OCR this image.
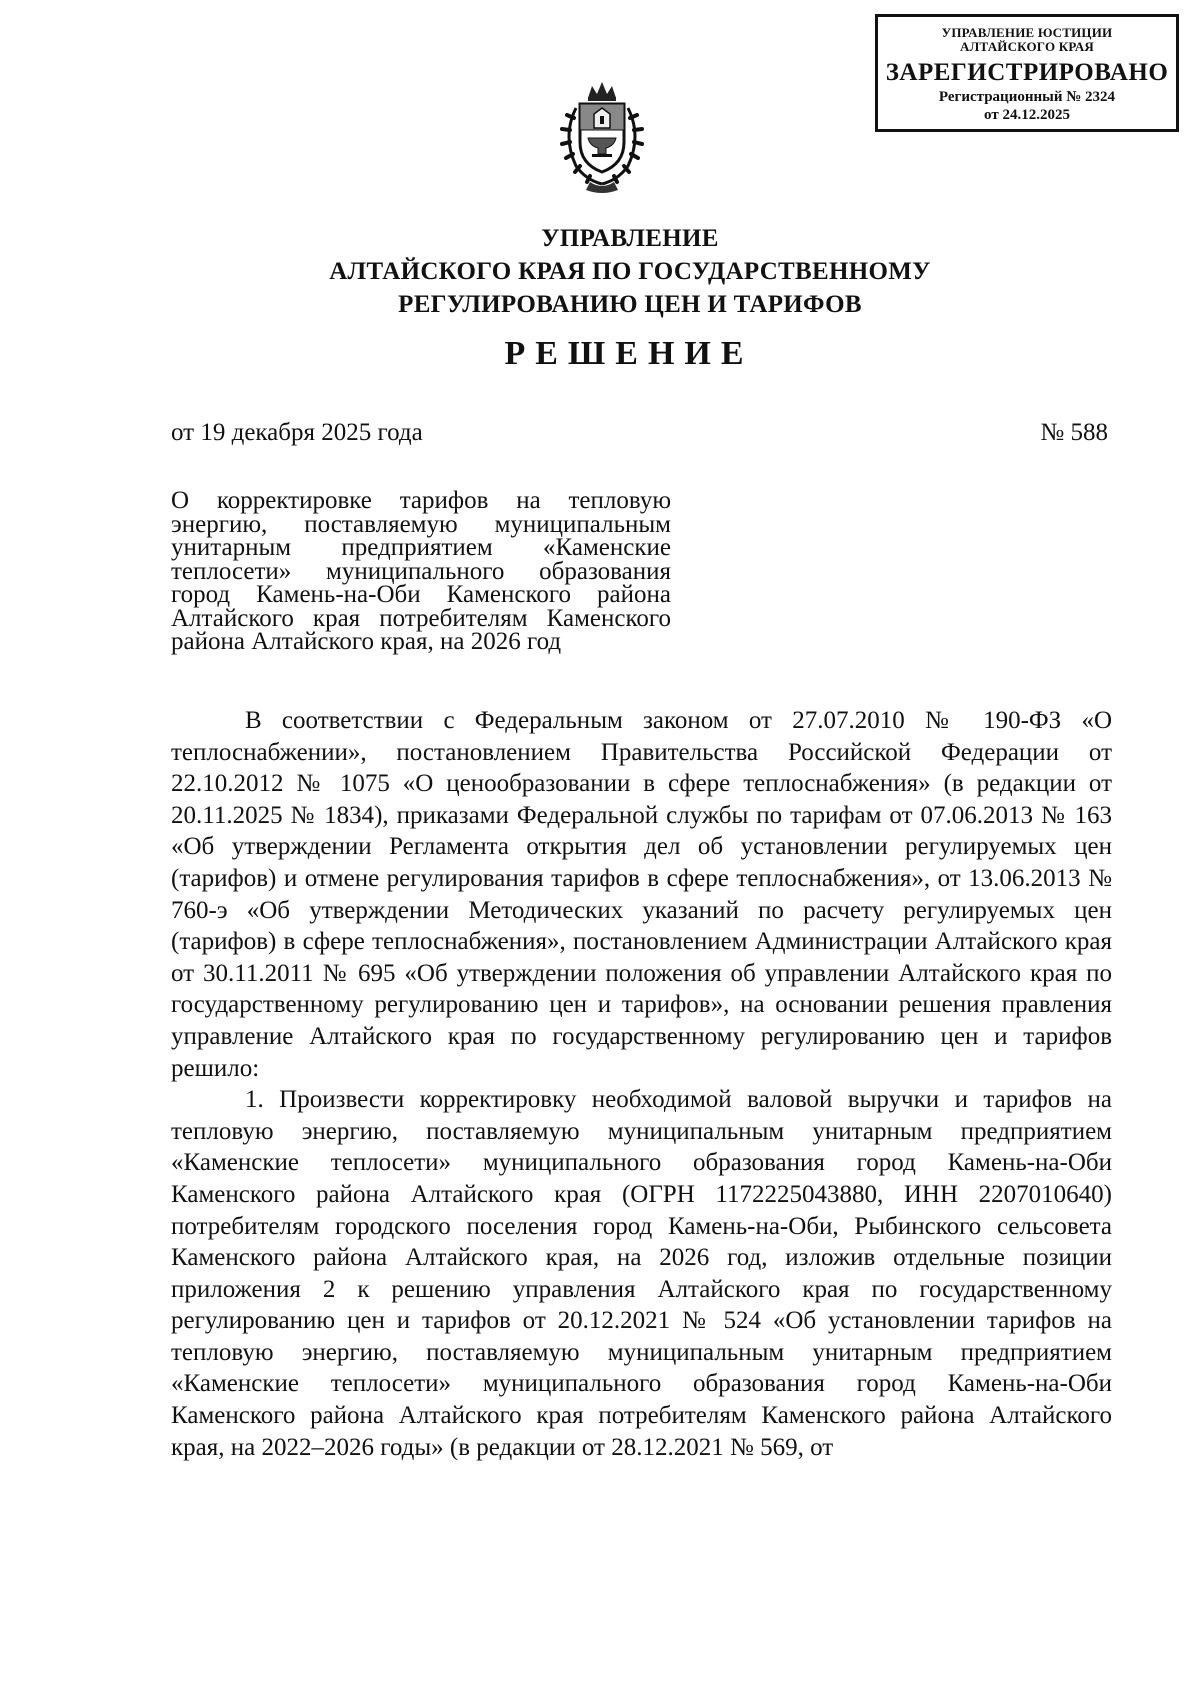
УПРАВЛЕНИЕ ЮСТИЦИИ
АЛТАЙСКОГО КРАЯ
ЗАРЕГИСТРИРОВАНО
Регистрационный № 2324
от 24.12.2025
УПРАВЛЕНИЕ
АЛТАЙСКОГО КРАЯ ПО ГОСУДАРСТВЕННОМУ
РЕГУЛИРОВАНИЮ ЦЕН И ТАРИФОВ
РЕШЕНИЕ
от 19 декабря 2025 года	№ 588
О корректировке тарифов на тепловую энергию, поставляемую муниципальным унитарным предприятием «Каменские теплосети» муниципального образования город Камень-на-Оби Каменского района Алтайского края потребителям Каменского района Алтайского края, на 2026 год

В соответствии с Федеральным законом от 27.07.2010 № 190-ФЗ «О теплоснабжении», постановлением Правительства Российской Федерации от 22.10.2012 № 1075 «О ценообразовании в сфере теплоснабжения» (в редакции от 20.11.2025 № 1834), приказами Федеральной службы по тарифам от 07.06.2013 № 163 «Об утверждении Регламента открытия дел об установлении регулируемых цен (тарифов) и отмене регулирования тарифов в сфере теплоснабжения», от 13.06.2013 № 760-э «Об утверждении Методических указаний по расчету регулируемых цен (тарифов) в сфере теплоснабжения», постановлением Администрации Алтайского края от 30.11.2011 № 695 «Об утверждении положения об управлении Алтайского края по государственному регулированию цен и тарифов», на основании решения правления управление Алтайского края по государственному регулированию цен и тарифов решило:

1. Произвести корректировку необходимой валовой выручки и тарифов на тепловую энергию, поставляемую муниципальным унитарным предприятием «Каменские теплосети» муниципального образования город Камень-на-Оби Каменского района Алтайского края (ОГРН 1172225043880, ИНН 2207010640) потребителям городского поселения город Камень-на-Оби, Рыбинского сельсовета Каменского района Алтайского края, на 2026 год, изложив отдельные позиции приложения 2 к решению управления Алтайского края по государственному регулированию цен и тарифов от 20.12.2021 № 524 «Об установлении тарифов на тепловую энергию, поставляемую муниципальным унитарным предприятием «Каменские теплосети» муниципального образования город Камень-на-Оби Каменского района Алтайского края потребителям Каменского района Алтайского края, на 2022–2026 годы» (в редакции от 28.12.2021 № 569, от
